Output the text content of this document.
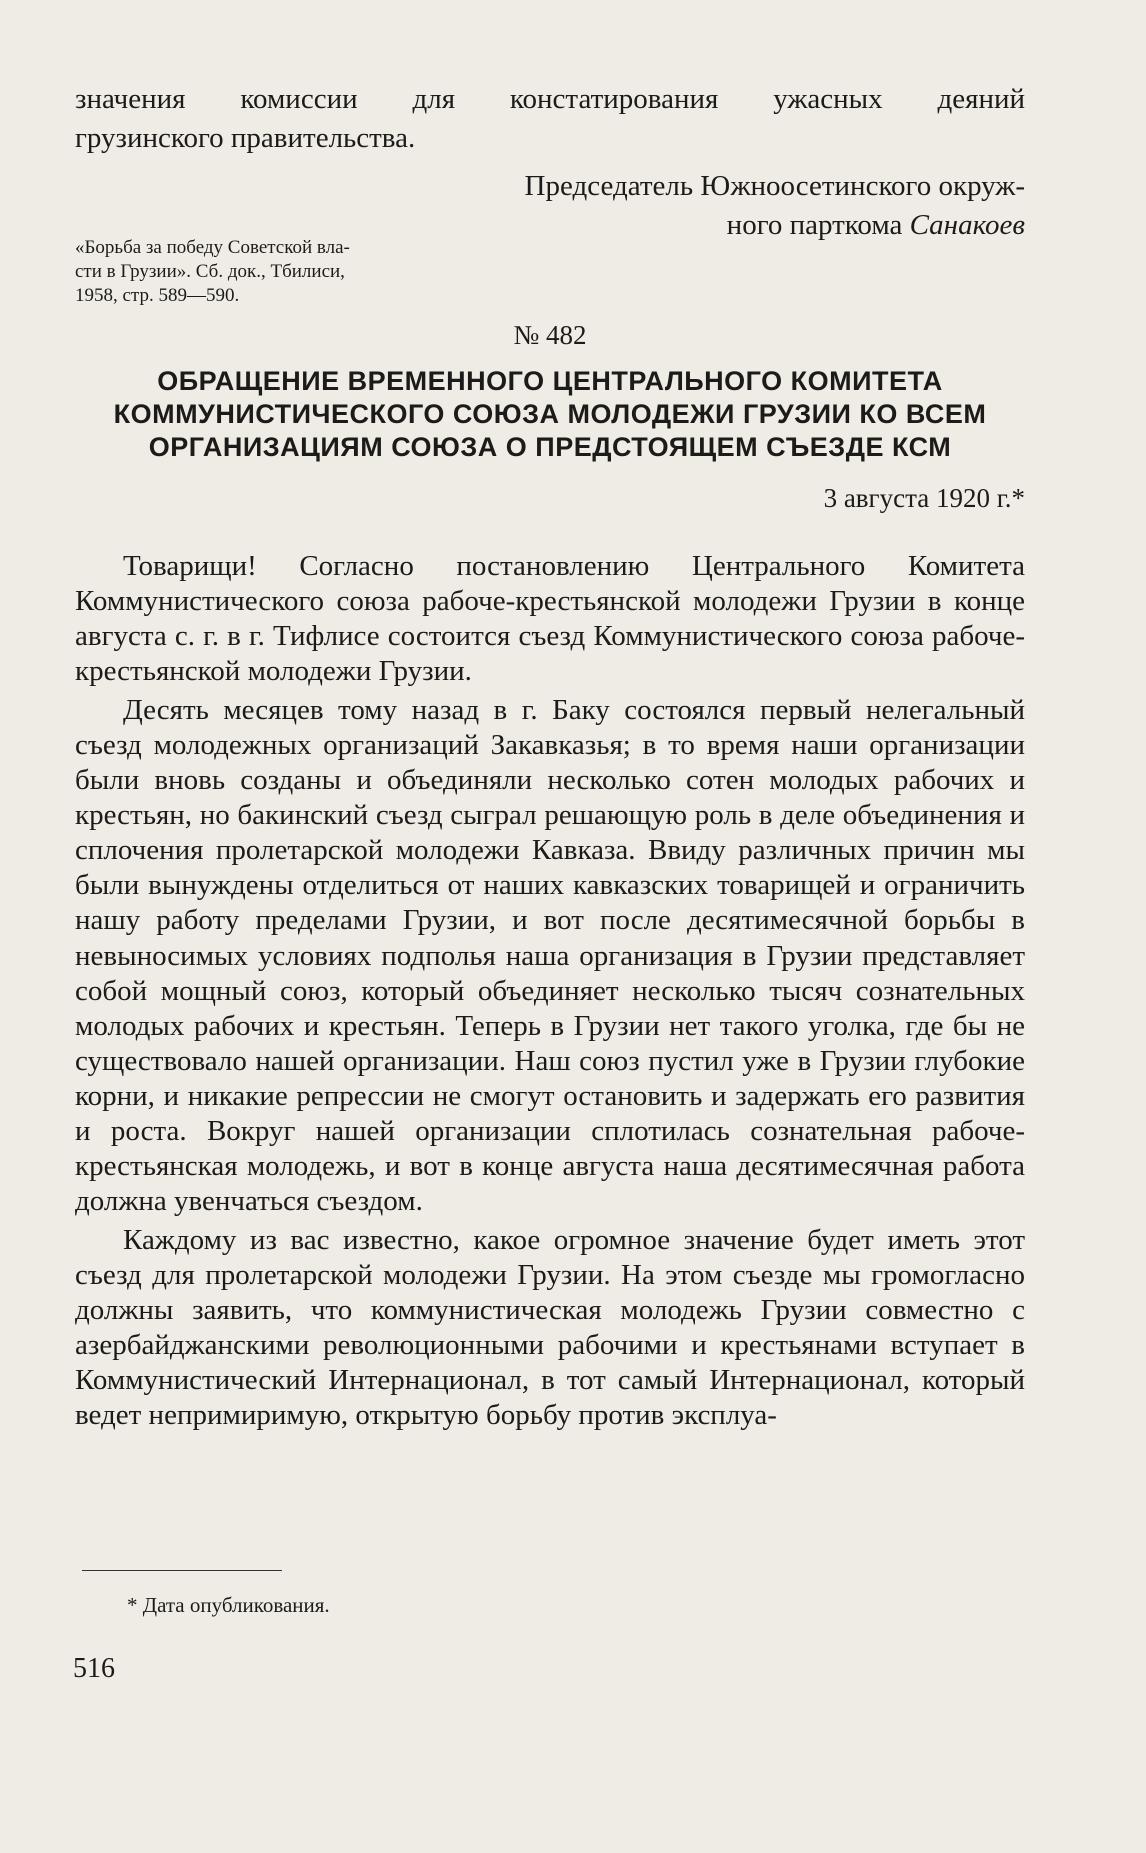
значения комиссии для констатирования ужасных деяний
грузинского правительства.
Председатель Южноосетинского окруж-
ного парткома Санакоев
«Борьба за победу Советской вла-
сти в Грузии». Сб. док., Тбилиси,
1958, стр. 589—590.
№ 482
ОБРАЩЕНИЕ ВРЕМЕННОГО ЦЕНТРАЛЬНОГО КОМИТЕТА
КОММУНИСТИЧЕСКОГО СОЮЗА МОЛОДЕЖИ ГРУЗИИ КО ВСЕМ
ОРГАНИЗАЦИЯМ СОЮЗА О ПРЕДСТОЯЩЕМ СЪЕЗДЕ КСМ
3 августа 1920 г.*

Товарищи! Согласно постановлению Центрального Комитета Коммунистического союза рабоче-крестьянской молодежи Грузии в конце августа с. г. в г. Тифлисе состоится съезд Коммунистического союза рабоче-крестьянской молодежи Грузии.

Десять месяцев тому назад в г. Баку состоялся первый нелегальный съезд молодежных организаций Закавказья; в то время наши организации были вновь созданы и объединяли несколько сотен молодых рабочих и крестьян, но бакинский съезд сыграл решающую роль в деле объединения и сплочения пролетарской молодежи Кавказа. Ввиду различных причин мы были вынуждены отделиться от наших кавказских товарищей и ограничить нашу работу пределами Грузии, и вот после десятимесячной борьбы в невыносимых условиях подполья наша организация в Грузии представляет собой мощный союз, который объединяет несколько тысяч сознательных молодых рабочих и крестьян. Теперь в Грузии нет такого уголка, где бы не существовало нашей организации. Наш союз пустил уже в Грузии глубокие корни, и никакие репрессии не смогут остановить и задержать его развития и роста. Вокруг нашей организации сплотилась сознательная рабоче-крестьянская молодежь, и вот в конце августа наша десятимесячная работа должна увенчаться съездом.

Каждому из вас известно, какое огромное значение будет иметь этот съезд для пролетарской молодежи Грузии. На этом съезде мы громогласно должны заявить, что коммунистическая молодежь Грузии совместно с азербайджанскими революционными рабочими и крестьянами вступает в Коммунистический Интернационал, в тот самый Интернационал, который ведет непримиримую, открытую борьбу против эксплуа-

* Дата опубликования.
516
